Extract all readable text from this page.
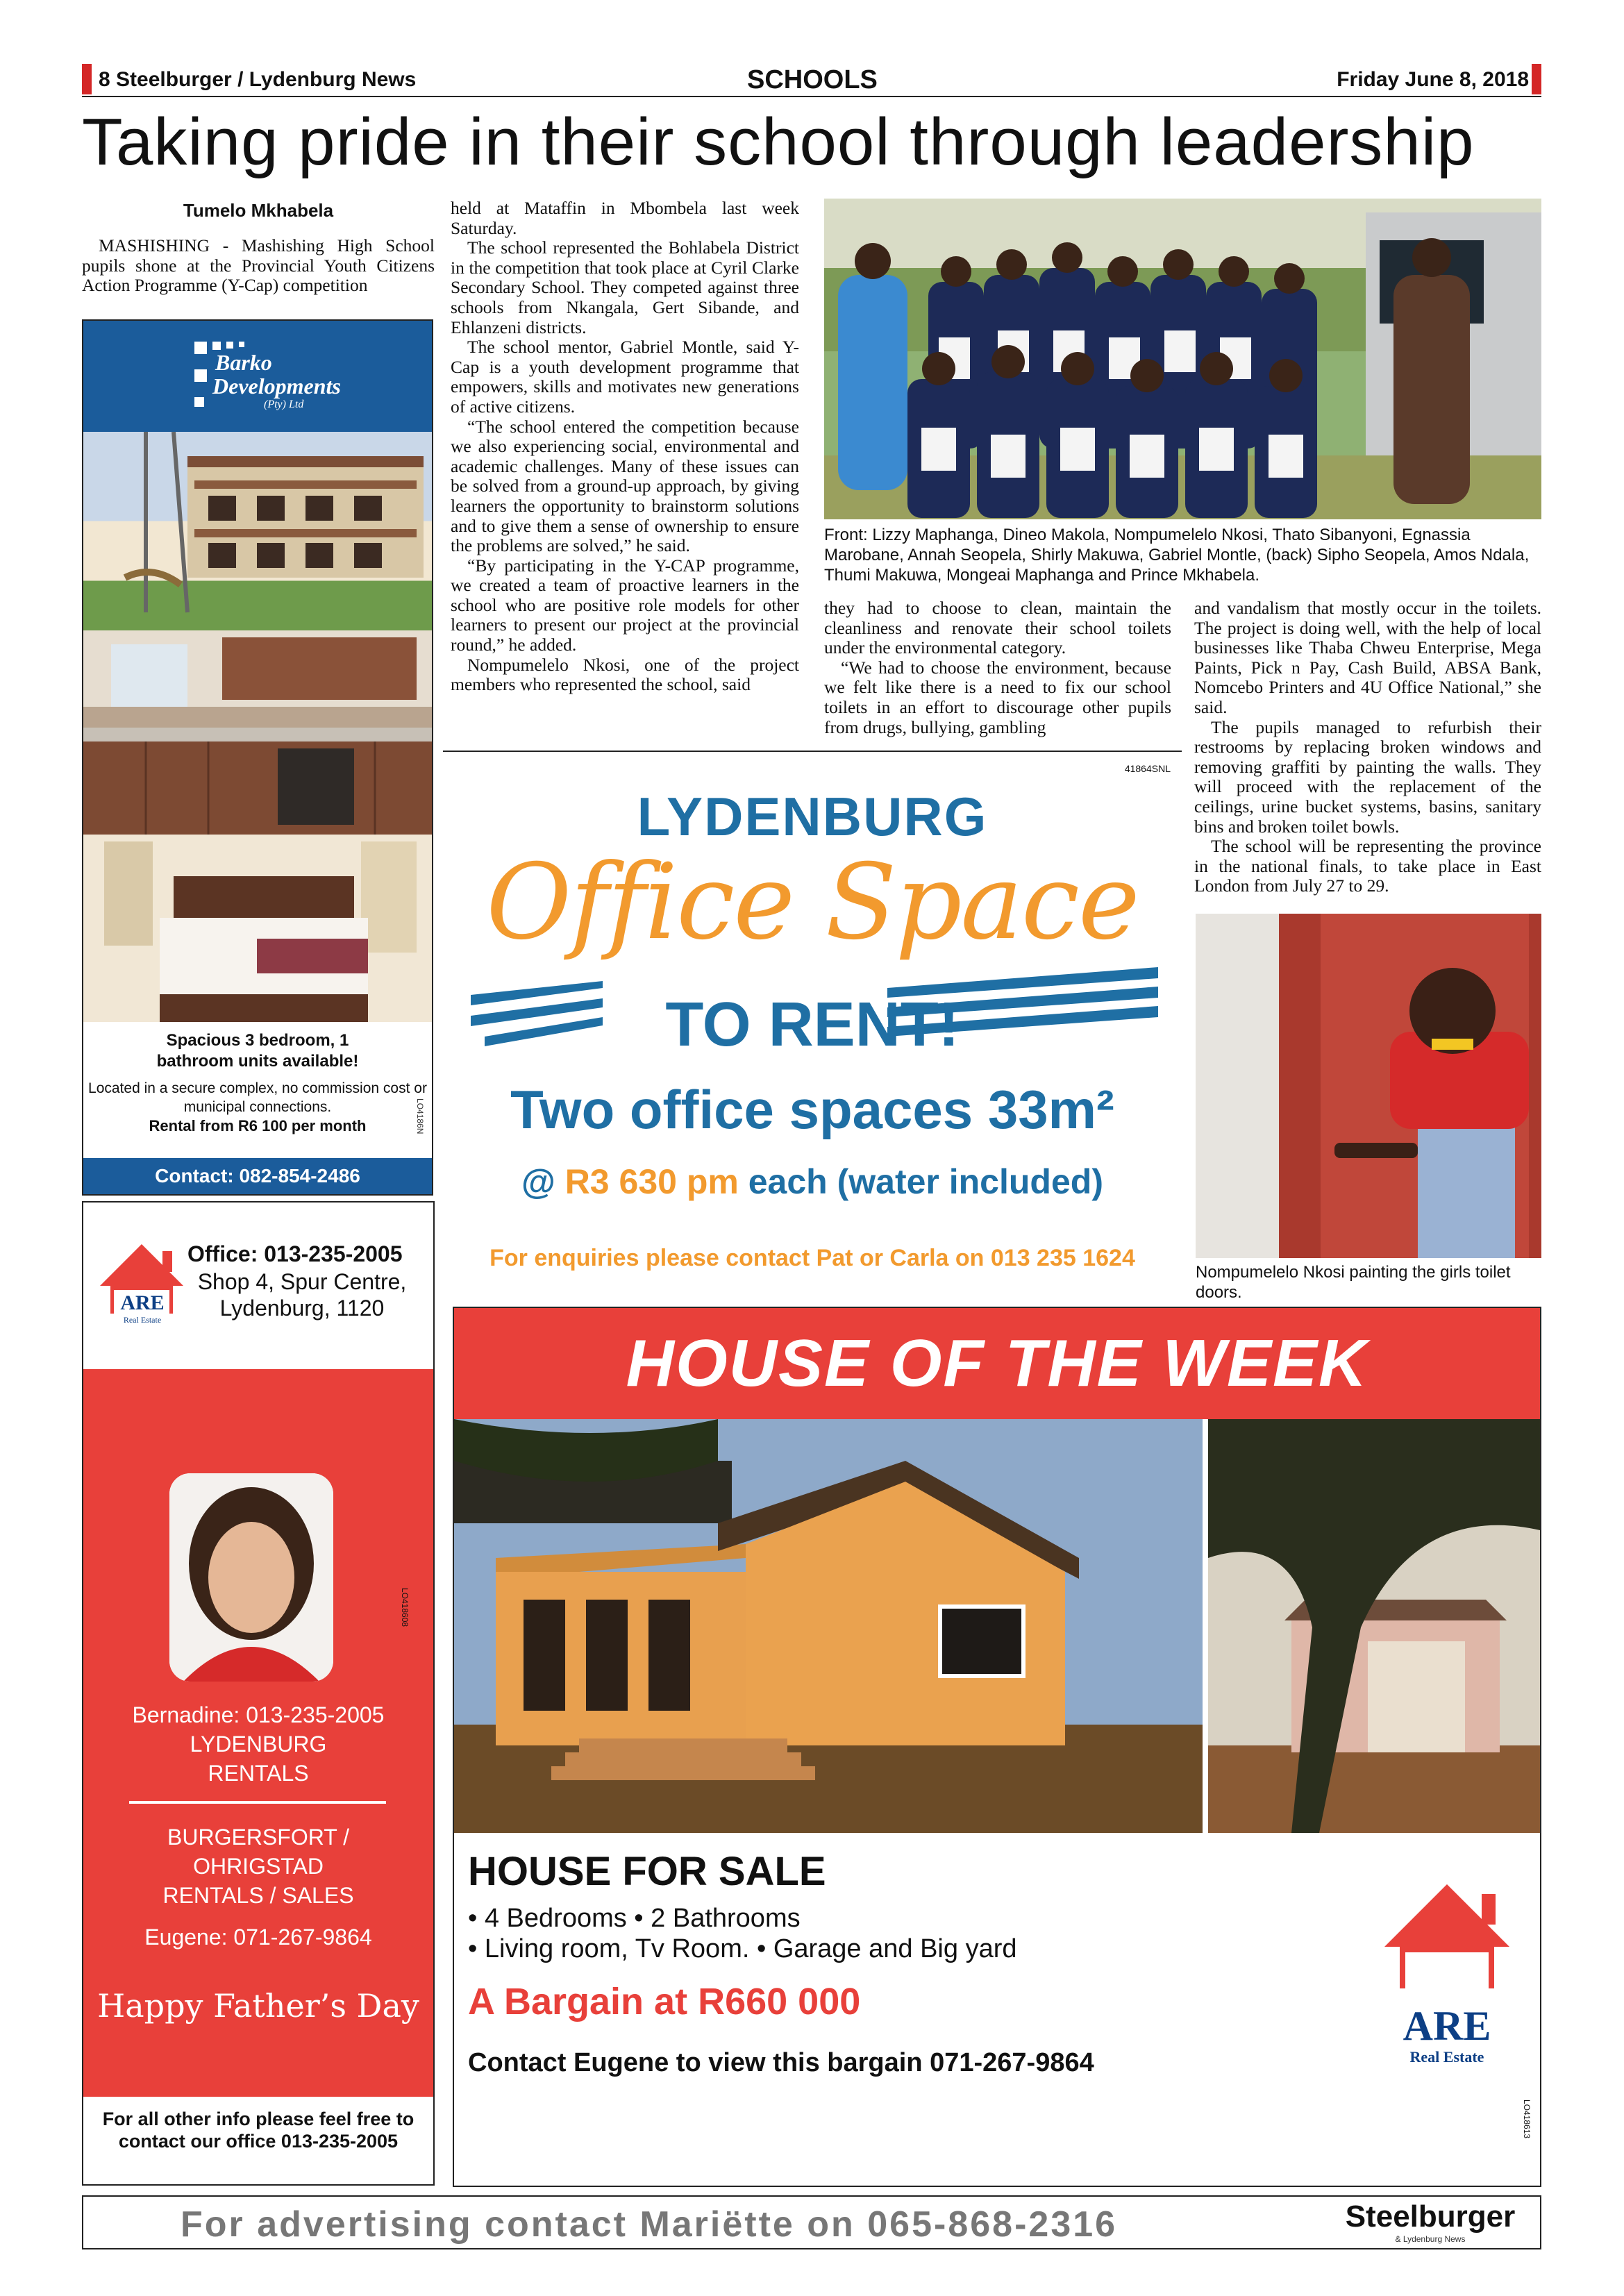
8 Steelburger / Lydenburg News	SCHOOLS	Friday June 8, 2018
Taking pride in their school through leadership
Tumelo Mkhabela

MASHISHING - Mashishing High School pupils shone at the Provincial Youth Citizens Action Programme (Y-Cap) competition

Barko
Developments
(Pty) Ltd
Spacious 3 bedroom, 1 bathroom units available!
Located in a secure complex, no commission cost or municipal connections.
Rental from R6 100 per month
Contact: 082-854-2486
LO4186N

held at Mataffin in Mbombela last week Saturday.

The school represented the Bohlabela District in the competition that took place at Cyril Clarke Secondary School. They competed against three schools from Nkangala, Gert Sibande, and Ehlanzeni districts.

The school mentor, Gabriel Montle, said Y-Cap is a youth development programme that empowers, skills and motivates new generations of active citizens.

“The school entered the competition because we also experiencing social, environmental and academic challenges. Many of these issues can be solved from a ground-up approach, by giving learners the opportunity to brainstorm solutions and to give them a sense of ownership to ensure the problems are solved,” he said.

“By participating in the Y-CAP programme, we created a team of proactive learners in the school who are positive role models for other learners to present our project at the provincial round,” he added.

Nompumelelo Nkosi, one of the project members who represented the school, said

Front: Lizzy Maphanga, Dineo Makola, Nompumelelo Nkosi, Thato Sibanyoni, Egnassia Marobane, Annah Seopela, Shirly Makuwa, Gabriel Montle, (back) Sipho Seopela, Amos Ndala, Thumi Makuwa, Mongeai Maphanga and Prince Mkhabela.

they had to choose to clean, maintain the cleanliness and renovate their school toilets under the environmental category.

“We had to choose the environment, because we felt like there is a need to fix our school toilets in an effort to discourage other pupils from drugs, bullying, gambling

and vandalism that mostly occur in the toilets. The project is doing well, with the help of local businesses like Thaba Chweu Enterprise, Mega Paints, Pick n Pay, Cash Build, ABSA Bank, Nomcebo Printers and 4U Office National,” she said.

The pupils managed to refurbish their restrooms by replacing broken windows and removing graffiti by painting the walls. They will proceed with the replacement of the ceilings, urine bucket systems, basins, sanitary bins and broken toilet bowls.

The school will be representing the province in the national finals, to take place in East London from July 27 to 29.

Nompumelelo Nkosi painting the girls toilet doors.
41864SNL
LYDENBURG
Office Space
TO RENT!
Two office spaces 33m²
@ R3 630 pm each (water included)
For enquiries please contact Pat or Carla on 013 235 1624
ARE
Real Estate
Office: 013-235-2005
Shop 4, Spur Centre,
Lydenburg, 1120
LO418608
Bernadine: 013-235-2005
LYDENBURG
RENTALS
BURGERSFORT /
OHRIGSTAD
RENTALS / SALES
Eugene: 071-267-9864
Happy Father’s Day
For all other info please feel free to contact our office 013-235-2005
HOUSE OF THE WEEK
HOUSE FOR SALE
• 4 Bedrooms • 2 Bathrooms
• Living room, Tv Room. • Garage and Big yard
A Bargain at R660 000
Contact Eugene to view this bargain 071-267-9864
ARE
Real Estate
LO418613
For advertising contact Mariëtte on 065-868-2316	Steelburger
& Lydenburg News
